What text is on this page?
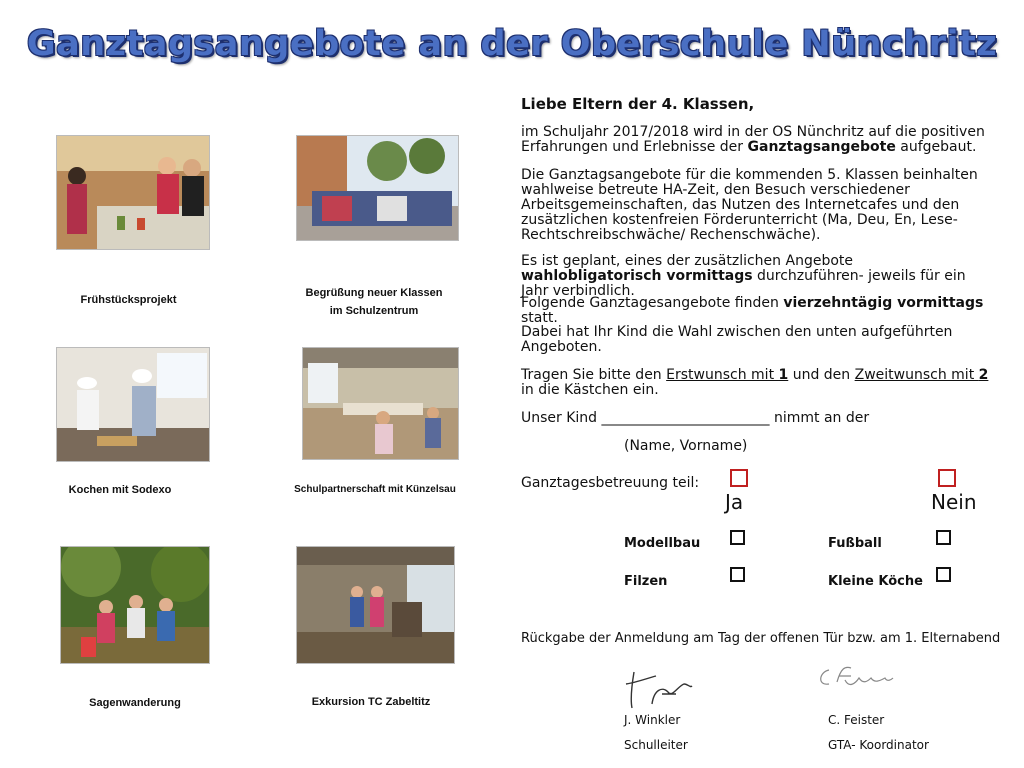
Ganztagsangebote an der Oberschule Nünchritz
Frühstücksprojekt
Begrüßung neuer Klassen
im Schulzentrum
Kochen mit Sodexo	Schulpartnerschaft mit Künzelsau
Sagenwanderung	Exkursion TC Zabeltitz
Liebe Eltern der 4. Klassen,
im Schuljahr 2017/2018 wird in der OS Nünchritz auf die positiven Erfahrungen und Erlebnisse der Ganztagsangebote aufgebaut.
Die Ganztagsangebote für die kommenden 5. Klassen beinhalten wahlweise betreute HA-Zeit, den Besuch verschiedener Arbeitsgemeinschaften, das Nutzen des Internetcafes und den zusätzlichen kostenfreien Förderunterricht (Ma, Deu, En, Lese-Rechtschreibschwäche/ Rechenschwäche).
Es ist geplant, eines der zusätzlichen Angebote wahlobligatorisch vormittags durchzuführen- jeweils für ein Jahr verbindlich.
Folgende Ganztagesangebote finden vierzehntägig vormittags statt.
Dabei hat Ihr Kind die Wahl zwischen den unten aufgeführten Angeboten.
Tragen Sie bitte den Erstwunsch mit 1 und den Zweitwunsch mit 2 in die Kästchen ein.
Unser Kind ________________________ nimmt an der
(Name, Vorname)
Ganztagesbetreuung teil:
Ja	Nein
Modellbau	Fußball
Filzen	Kleine Köche
Rückgabe der Anmeldung am Tag der offenen Tür bzw. am 1. Elternabend
J. Winkler
Schulleiter
C. Feister
GTA- Koordinator
